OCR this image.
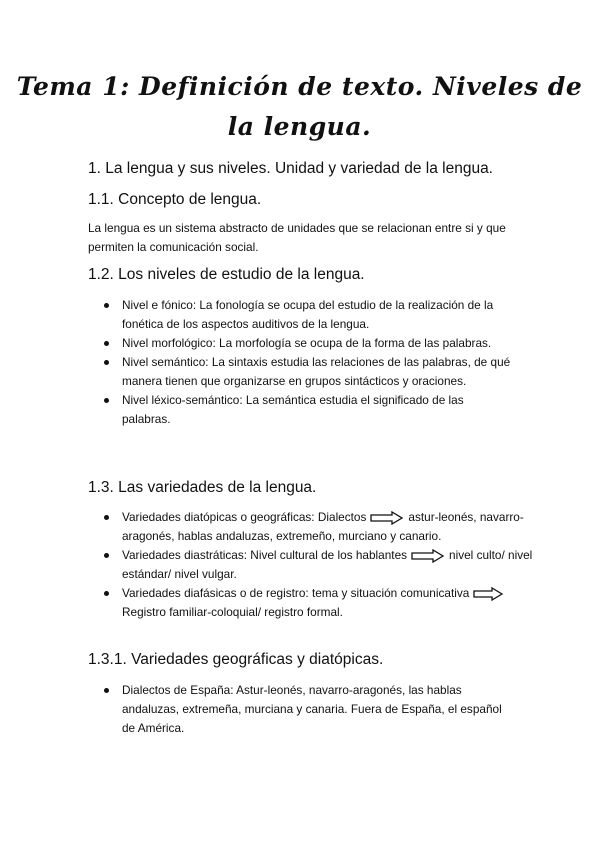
Tema 1: Definición de texto. Niveles de
la lengua.
1. La lengua y sus niveles. Unidad y variedad de la lengua.
1.1. Concepto de lengua.
La lengua es un sistema abstracto de unidades que se relacionan entre si y que permiten la comunicación social.
1.2. Los niveles de estudio de la lengua.
Nivel e fónico: La fonología se ocupa del estudio de la realización de la fonética de los aspectos auditivos de la lengua.
Nivel morfológico: La morfología se ocupa de la forma de las palabras.
Nivel semántico: La sintaxis estudia las relaciones de las palabras, de qué manera tienen que organizarse en grupos sintácticos y oraciones.
Nivel léxico-semántico: La semántica estudia el significado de las palabras.
1.3. Las variedades de la lengua.
Variedades diatópicas o geográficas: Dialectos	astur-leonés, navarro-aragonés, hablas andaluzas, extremeño, murciano y canario.
Variedades diastráticas: Nivel cultural de los hablantes	nivel culto/ nivel estándar/ nivel vulgar.
Variedades diafásicas o de registro: tema y situación comunicativa
Registro familiar-coloquial/ registro formal.
1.3.1. Variedades geográficas y diatópicas.
Dialectos de España: Astur-leonés, navarro-aragonés, las hablas andaluzas, extremeña, murciana y canaria. Fuera de España, el español de América.
